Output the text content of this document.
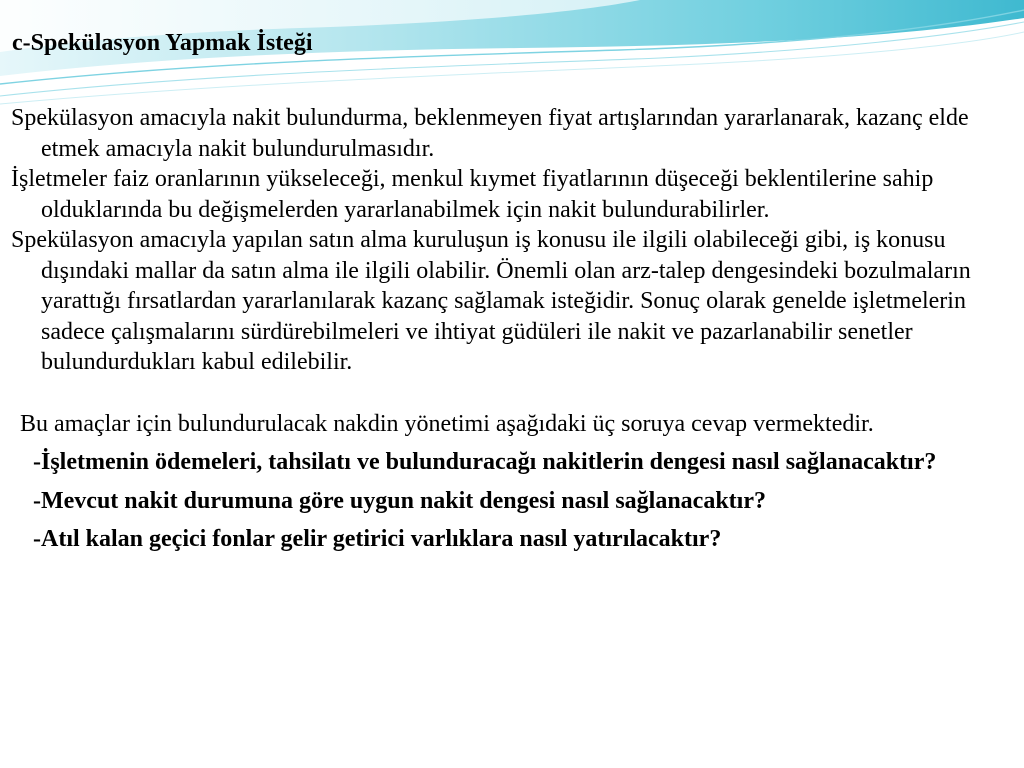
c-Spekülasyon Yapmak İsteği

Spekülasyon amacıyla nakit bulundurma, beklenmeyen fiyat artışlarından yararlanarak, kazanç elde etmek amacıyla nakit bulundurulmasıdır.

İşletmeler faiz oranlarının yükseleceği, menkul kıymet fiyatlarının düşeceği beklentilerine sahip olduklarında bu değişmelerden yararlanabilmek için nakit bulundurabilirler.

Spekülasyon amacıyla yapılan satın alma kuruluşun iş konusu ile ilgili olabileceği gibi, iş konusu dışındaki mallar da satın alma ile ilgili olabilir. Önemli olan arz-talep dengesindeki bozulmaların yarattığı fırsatlardan yararlanılarak kazanç sağlamak isteğidir. Sonuç olarak genelde işletmelerin sadece çalışmalarını sürdürebilmeleri ve ihtiyat güdüleri ile nakit ve pazarlanabilir senetler bulundurdukları kabul edilebilir.

Bu amaçlar için bulundurulacak nakdin yönetimi aşağıdaki üç soruya cevap vermektedir.

-İşletmenin ödemeleri, tahsilatı ve bulunduracağı nakitlerin dengesi nasıl sağlanacaktır?

-Mevcut nakit durumuna göre uygun nakit dengesi nasıl sağlanacaktır?

-Atıl kalan geçici fonlar gelir getirici varlıklara nasıl yatırılacaktır?
